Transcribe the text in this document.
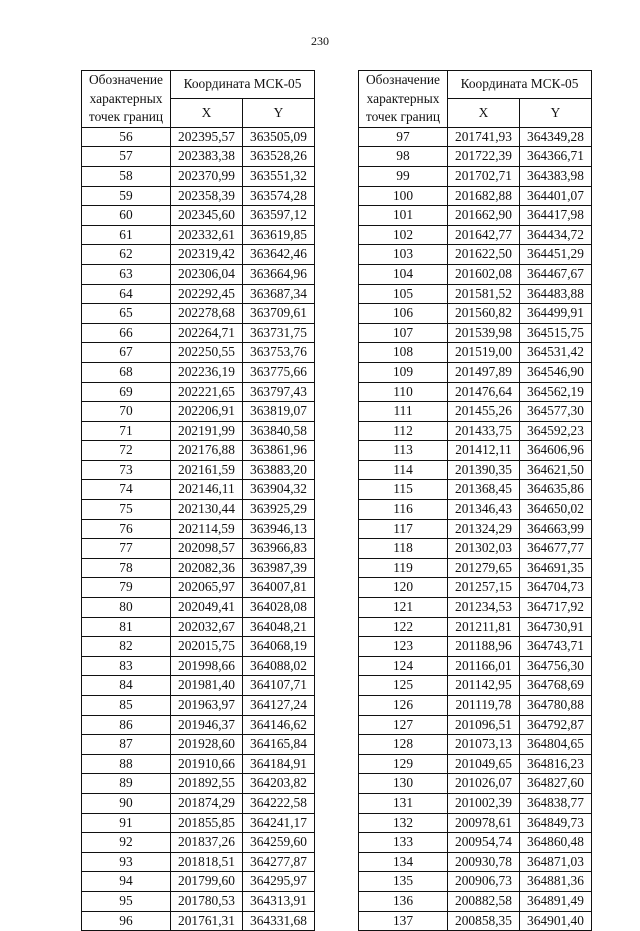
230
Обозначение характерных точек границ	Координата МСК-05	
	X	Y
56	202395,57	363505,09
57	202383,38	363528,26
58	202370,99	363551,32
59	202358,39	363574,28
60	202345,60	363597,12
61	202332,61	363619,85
62	202319,42	363642,46
63	202306,04	363664,96
64	202292,45	363687,34
65	202278,68	363709,61
66	202264,71	363731,75
67	202250,55	363753,76
68	202236,19	363775,66
69	202221,65	363797,43
70	202206,91	363819,07
71	202191,99	363840,58
72	202176,88	363861,96
73	202161,59	363883,20
74	202146,11	363904,32
75	202130,44	363925,29
76	202114,59	363946,13
77	202098,57	363966,83
78	202082,36	363987,39
79	202065,97	364007,81
80	202049,41	364028,08
81	202032,67	364048,21
82	202015,75	364068,19
83	201998,66	364088,02
84	201981,40	364107,71
85	201963,97	364127,24
86	201946,37	364146,62
87	201928,60	364165,84
88	201910,66	364184,91
89	201892,55	364203,82
90	201874,29	364222,58
91	201855,85	364241,17
92	201837,26	364259,60
93	201818,51	364277,87
94	201799,60	364295,97
95	201780,53	364313,91
96	201761,31	364331,68
Обозначение характерных точек границ	Координата МСК-05	
	X	Y
97	201741,93	364349,28
98	201722,39	364366,71
99	201702,71	364383,98
100	201682,88	364401,07
101	201662,90	364417,98
102	201642,77	364434,72
103	201622,50	364451,29
104	201602,08	364467,67
105	201581,52	364483,88
106	201560,82	364499,91
107	201539,98	364515,75
108	201519,00	364531,42
109	201497,89	364546,90
110	201476,64	364562,19
111	201455,26	364577,30
112	201433,75	364592,23
113	201412,11	364606,96
114	201390,35	364621,50
115	201368,45	364635,86
116	201346,43	364650,02
117	201324,29	364663,99
118	201302,03	364677,77
119	201279,65	364691,35
120	201257,15	364704,73
121	201234,53	364717,92
122	201211,81	364730,91
123	201188,96	364743,71
124	201166,01	364756,30
125	201142,95	364768,69
126	201119,78	364780,88
127	201096,51	364792,87
128	201073,13	364804,65
129	201049,65	364816,23
130	201026,07	364827,60
131	201002,39	364838,77
132	200978,61	364849,73
133	200954,74	364860,48
134	200930,78	364871,03
135	200906,73	364881,36
136	200882,58	364891,49
137	200858,35	364901,40
